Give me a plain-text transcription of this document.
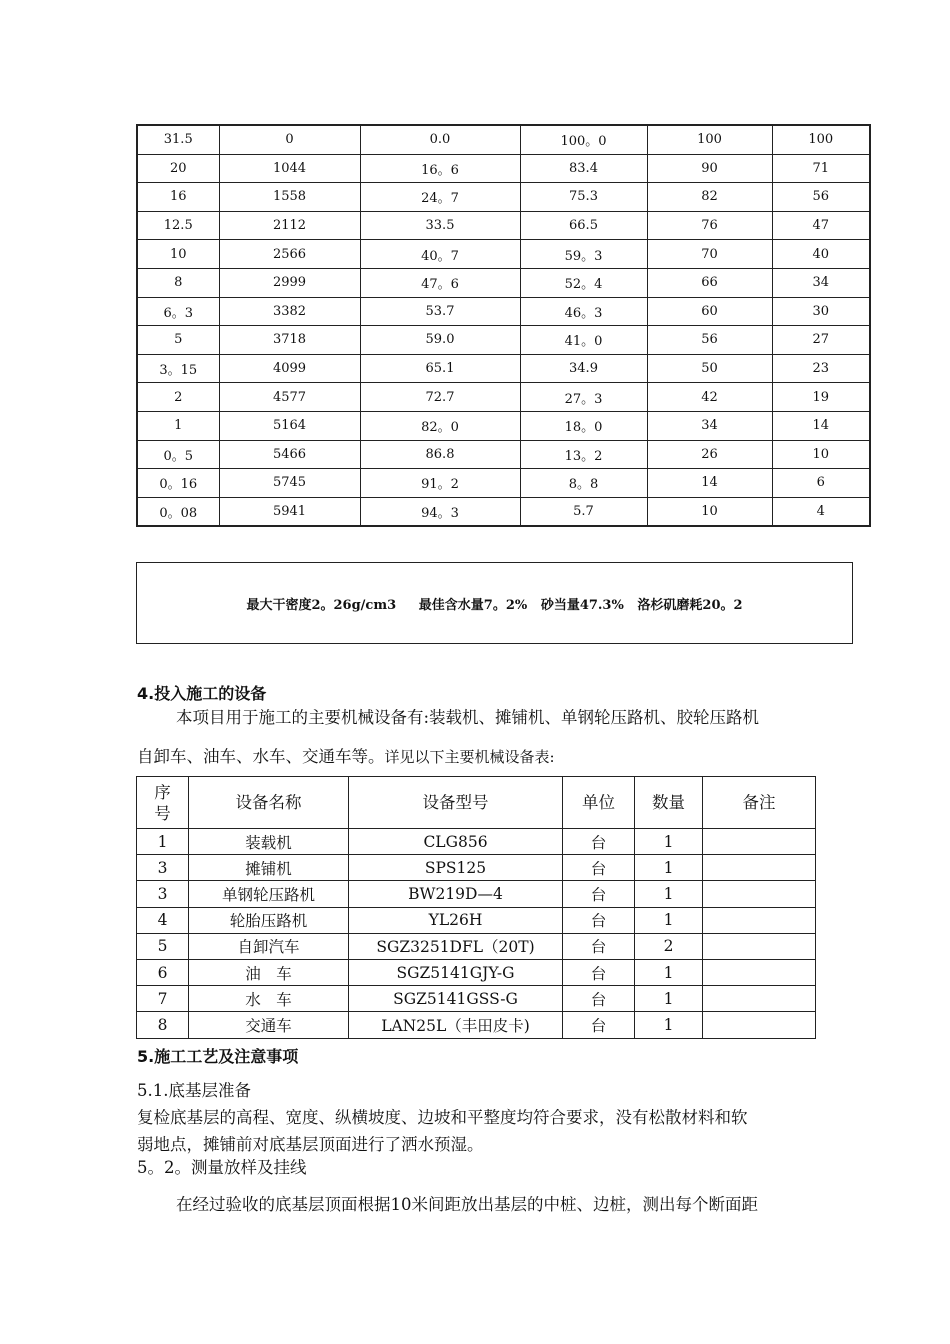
31.5	0	0.0	100。0	100	100
20	1044	16。6	83.4	90	71
16	1558	24。7	75.3	82	56
12.5	2112	33.5	66.5	76	47
10	2566	40。7	59。3	70	40
8	2999	47。6	52。4	66	34
6。3	3382	53.7	46。3	60	30
5	3718	59.0	41。0	56	27
3。15	4099	65.1	34.9	50	23
2	4577	72.7	27。3	42	19
1	5164	82。0	18。0	34	14
0。5	5466	86.8	13。2	26	10
0。16	5745	91。2	8。8	14	6
0。08	5941	94。3	5.7	10	4
最大干密度2。26g/cm3
最佳含水量7。2%
砂当量47.3%
洛杉矶磨耗20。2
4.投入施工的设备
本项目用于施工的主要机械设备有:装载机、摊铺机、单钢轮压路机、胶轮压路机
自卸车、油车、水车、交通车等。详见以下主要机械设备表:
序号	设备名称	设备型号	单位	数量	备注
1	装载机	CLG856	台	1	
3	摊铺机	SPS125	台	1	
3	单钢轮压路机	BW219D—4	台	1	
4	轮胎压路机	YL26H	台	1	
5	自卸汽车	SGZ3251DFL（20T)	台	2	
6	油　车	SGZ5141GJY-G	台	1	
7	水　车	SGZ5141GSS-G	台	1	
8	交通车	LAN25L（丰田皮卡)	台	1	
5.施工工艺及注意事项
5.1.底基层准备
复检底基层的高程、宽度、纵横坡度、边坡和平整度均符合要求，没有松散材料和软
弱地点，摊铺前对底基层顶面进行了洒水预湿。
5。2。测量放样及挂线
在经过验收的底基层顶面根据10米间距放出基层的中桩、边桩，测出每个断面距
